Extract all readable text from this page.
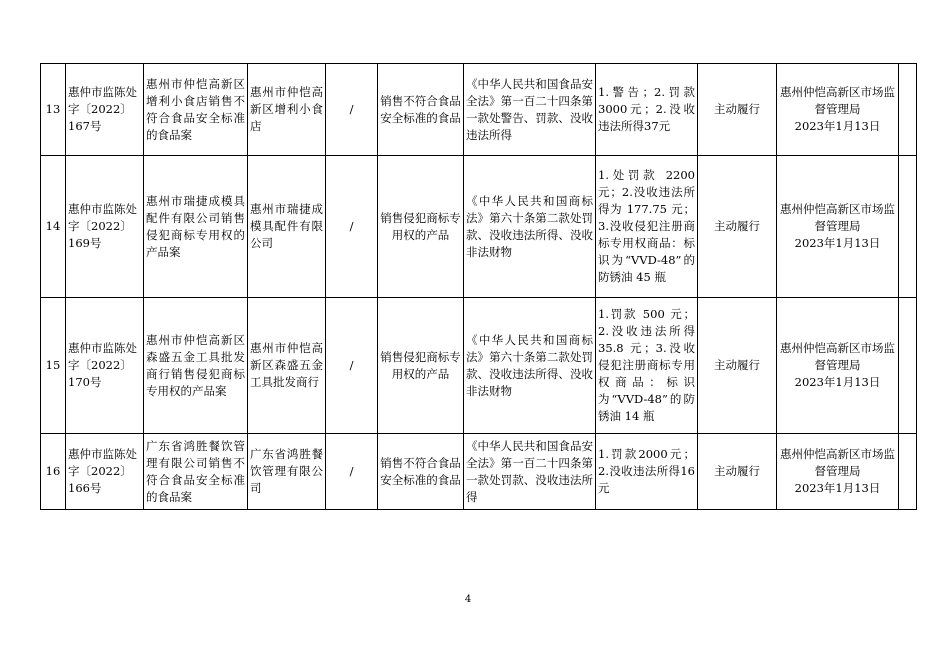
13	惠仲市监陈处字〔2022〕167号	惠州市仲恺高新区增利小食店销售不符合食品安全标准的食品案	惠州市仲恺高新区增利小食店	/	销售不符合食品安全标准的食品	《中华人民共和国食品安全法》第一百二十四条第一款处警告、罚款、没收违法所得	1.警告；2.罚款3000元；2.没收违法所得37元	主动履行	惠州仲恺高新区市场监督管理局
2023年1月13日	

14	惠仲市监陈处字〔2022〕169号	惠州市瑞捷成模具配件有限公司销售侵犯商标专用权的产品案	惠州市瑞捷成模具配件有限公司	/	销售侵犯商标专用权的产品	《中华人民共和国商标法》第六十条第二款处罚款、没收违法所得、没收非法财物	1.处罚款 2200元；2.没收违法所得为 177.75 元；3.没收侵犯注册商标专用权商品：标识为“VVD-48”的防锈油 45 瓶	主动履行	惠州仲恺高新区市场监督管理局
2023年1月13日	

15	惠仲市监陈处字〔2022〕170号	惠州市仲恺高新区森盛五金工具批发商行销售侵犯商标专用权的产品案	惠州市仲恺高新区森盛五金工具批发商行	/	销售侵犯商标专用权的产品	《中华人民共和国商标法》第六十条第二款处罚款、没收违法所得、没收非法财物	1.罚款 500 元；2.没收违法所得35.8 元；3.没收侵犯注册商标专用权商品：标识为“VVD-48”的防锈油 14 瓶	主动履行	惠州仲恺高新区市场监督管理局
2023年1月13日	

16	惠仲市监陈处字〔2022〕166号	广东省鸿胜餐饮管理有限公司销售不符合食品安全标准的食品案	广东省鸿胜餐饮管理有限公司	/	销售不符合食品安全标准的食品	《中华人民共和国食品安全法》第一百二十四条第一款处罚款、没收违法所得	1.罚款2000元；2.没收违法所得16元	主动履行	惠州仲恺高新区市场监督管理局
2023年1月13日	

4
